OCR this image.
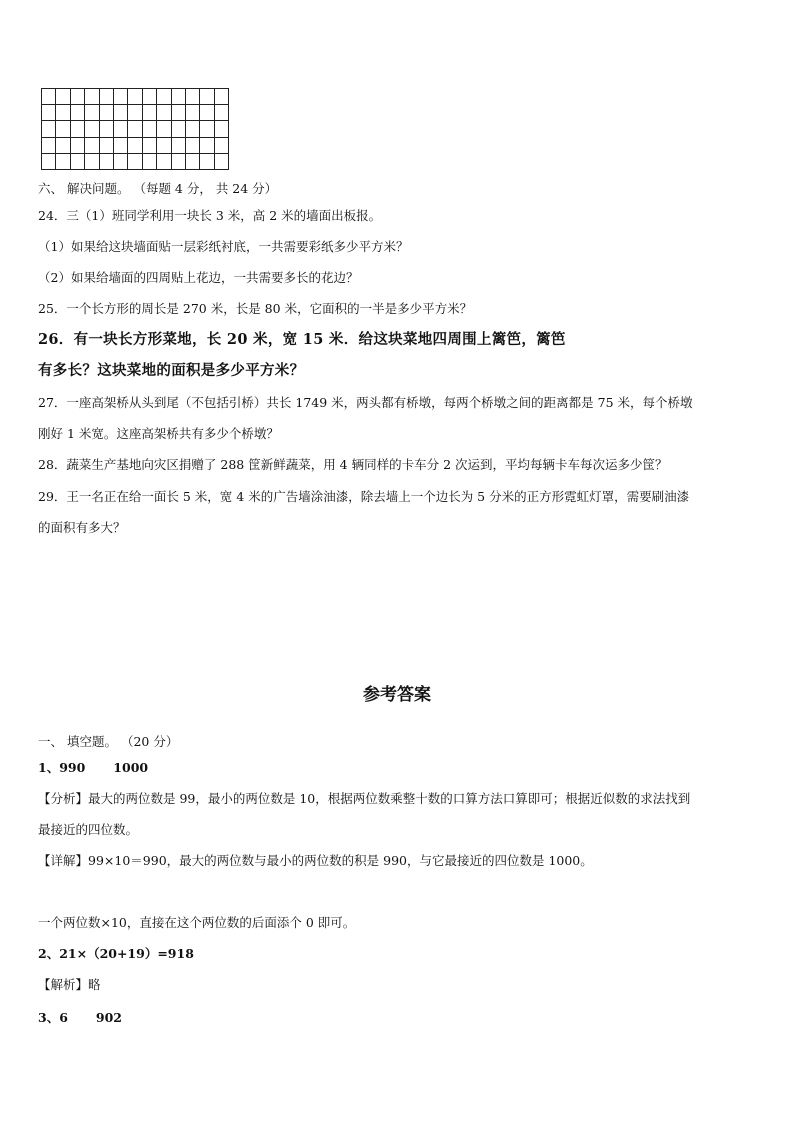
六、 解决问题。 （每题 4 分， 共 24 分）
24．三（1）班同学利用一块长 3 米，高 2 米的墙面出板报。
（1）如果给这块墙面贴一层彩纸衬底，一共需要彩纸多少平方米？
（2）如果给墙面的四周贴上花边，一共需要多长的花边？
25．一个长方形的周长是 270 米，长是 80 米，它面积的一半是多少平方米？
26．有一块长方形菜地，长 20 米，宽 15 米．给这块菜地四周围上篱笆，篱笆
有多长？这块菜地的面积是多少平方米？
27．一座高架桥从头到尾（不包括引桥）共长 1749 米，两头都有桥墩，每两个桥墩之间的距离都是 75 米，每个桥墩
刚好 1 米宽。这座高架桥共有多少个桥墩？
28．蔬菜生产基地向灾区捐赠了 288 筐新鲜蔬菜，用 4 辆同样的卡车分 2 次运到，平均每辆卡车每次运多少筐？
29．王一名正在给一面长 5 米，宽 4 米的广告墙涂油漆，除去墙上一个边长为 5 分米的正方形霓虹灯罩，需要刷油漆
的面积有多大？
参考答案
一、 填空题。 （20 分）
1、990 1000
【分析】最大的两位数是 99，最小的两位数是 10，根据两位数乘整十数的口算方法口算即可；根据近似数的求法找到
最接近的四位数。
【详解】99×10＝990，最大的两位数与最小的两位数的积是 990，与它最接近的四位数是 1000。
一个两位数×10，直接在这个两位数的后面添个 0 即可。
2、21×（20+19）=918
【解析】略
3、6 902
